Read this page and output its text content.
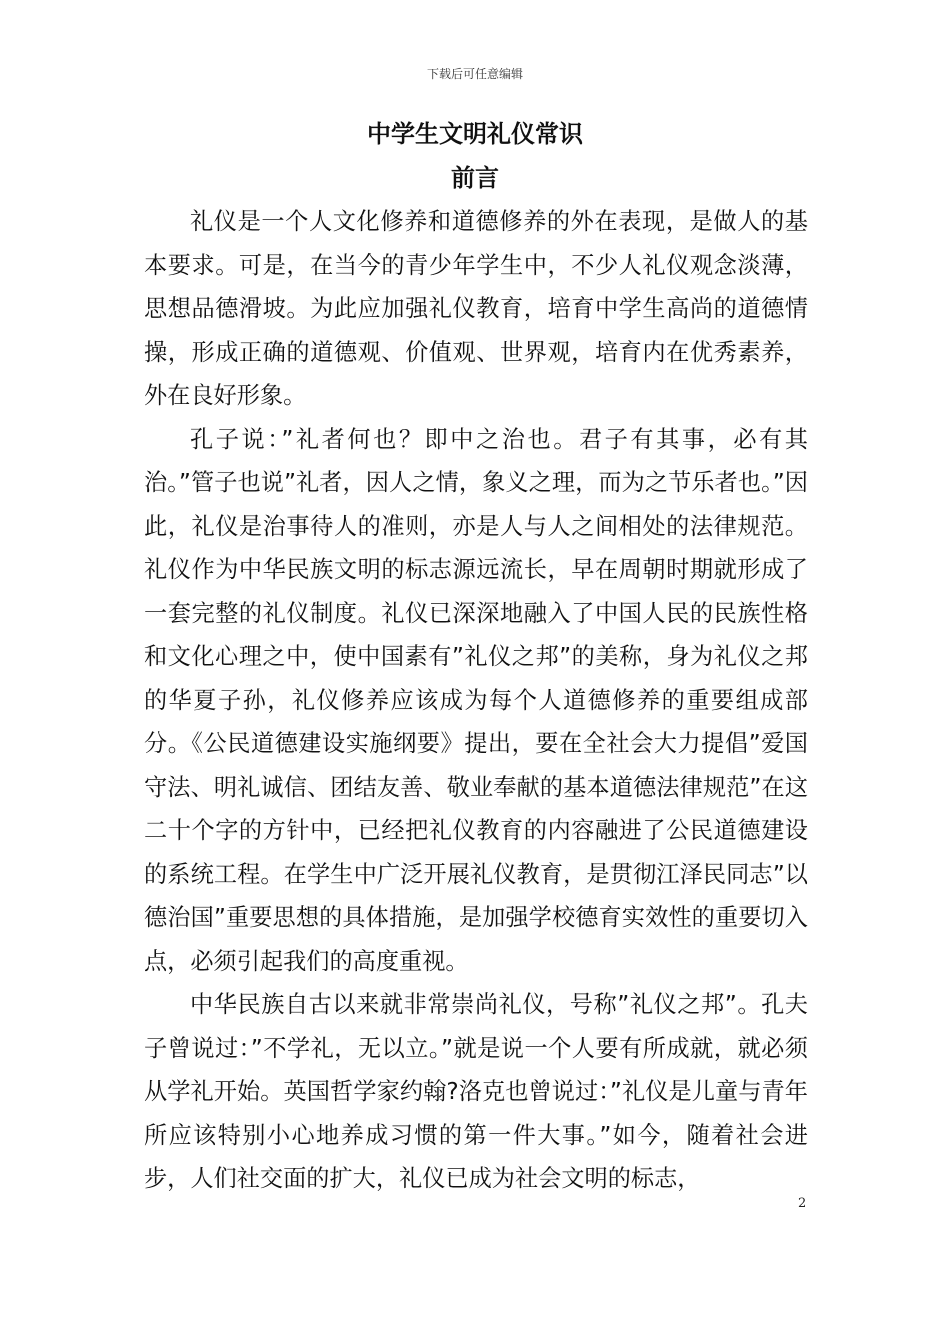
下载后可任意编辑
中学生文明礼仪常识
前言

礼仪是一个人文化修养和道德修养的外在表现，是做人的基本要求。可是，在当今的青少年学生中，不少人礼仪观念淡薄，思想品德滑坡。为此应加强礼仪教育，培育中学生高尚的道德情操，形成正确的道德观、价值观、世界观，培育内在优秀素养，外在良好形象。

孔子说：”礼者何也？即中之治也。君子有其事，必有其治。”管子也说”礼者，因人之情，象义之理，而为之节乐者也。”因此，礼仪是治事待人的准则，亦是人与人之间相处的法律规范。礼仪作为中华民族文明的标志源远流长，早在周朝时期就形成了一套完整的礼仪制度。礼仪已深深地融入了中国人民的民族性格和文化心理之中，使中国素有”礼仪之邦”的美称，身为礼仪之邦的华夏子孙，礼仪修养应该成为每个人道德修养的重要组成部分。《公民道德建设实施纲要》提出，要在全社会大力提倡”爱国守法、明礼诚信、团结友善、敬业奉献的基本道德法律规范”在这二十个字的方针中，已经把礼仪教育的内容融进了公民道德建设的系统工程。在学生中广泛开展礼仪教育，是贯彻江泽民同志”以德治国”重要思想的具体措施，是加强学校德育实效性的重要切入点，必须引起我们的高度重视。

中华民族自古以来就非常崇尚礼仪，号称”礼仪之邦”。孔夫子曾说过：”不学礼，无以立。”就是说一个人要有所成就，就必须从学礼开始。英国哲学家约翰?洛克也曾说过：”礼仪是儿童与青年所应该特别小心地养成习惯的第一件大事。”如今，随着社会进步，人们社交面的扩大，礼仪已成为社会文明的标志，

2
